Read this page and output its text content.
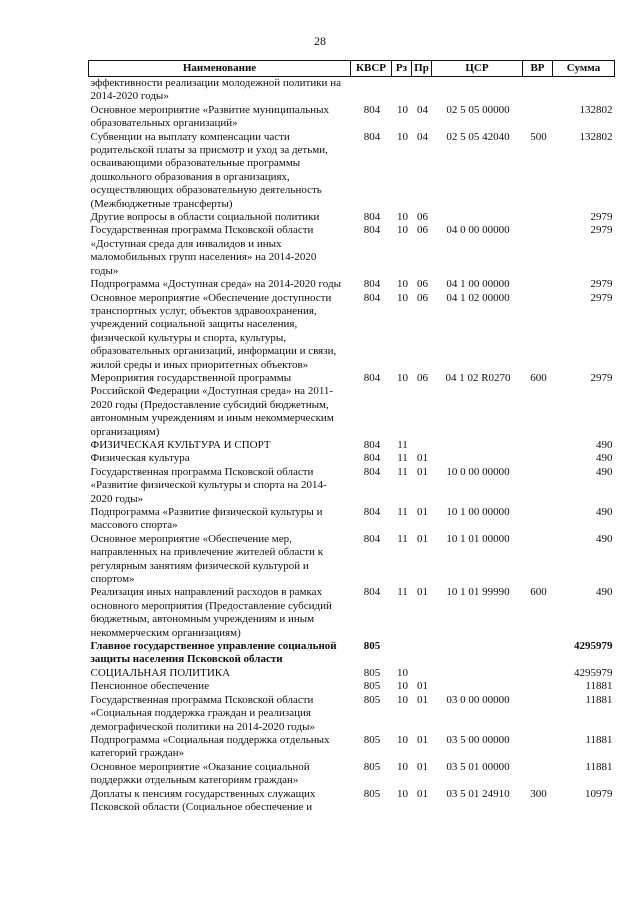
28
Наименование	КВСР	Рз	Пр	ЦСР	ВР	Сумма
эффективности реализации молодежной политики на 2014-2020 годы»						
Основное мероприятие «Развитие муниципальных образовательных организаций»	804	10	04	02 5 05 00000		132802
Субвенции на выплату компенсации части родительской платы за присмотр и уход за детьми, осваивающими образовательные программы дошкольного образования в организациях, осуществляющих образовательную деятельность (Межбюджетные трансферты)	804	10	04	02 5 05 42040	500	132802
Другие вопросы в области социальной политики	804	10	06			2979
Государственная программа Псковской области «Доступная среда для инвалидов и иных маломобильных групп населения» на 2014-2020 годы»	804	10	06	04 0 00 00000		2979
Подпрограмма «Доступная среда» на 2014-2020 годы	804	10	06	04 1 00 00000		2979
Основное мероприятие «Обеспечение доступности транспортных услуг, объектов здравоохранения, учреждений социальной защиты населения, физической культуры и спорта, культуры, образовательных организаций, информации и связи, жилой среды и иных приоритетных объектов»	804	10	06	04 1 02 00000		2979
Мероприятия государственной программы Российской Федерации «Доступная среда» на 2011-2020 годы (Предоставление субсидий бюджетным, автономным учреждениям и иным некоммерческим организациям)	804	10	06	04 1 02 R0270	600	2979
ФИЗИЧЕСКАЯ КУЛЬТУРА И СПОРТ	804	11				490
Физическая культура	804	11	01			490
Государственная программа Псковской области «Развитие физической культуры и спорта на 2014-2020 годы»	804	11	01	10 0 00 00000		490
Подпрограмма «Развитие физической культуры и массового спорта»	804	11	01	10 1 00 00000		490
Основное мероприятие «Обеспечение мер, направленных на привлечение жителей области к регулярным занятиям физической культурой и спортом»	804	11	01	10 1 01 00000		490
Реализация иных направлений расходов в рамках основного мероприятия (Предоставление субсидий бюджетным, автономным учреждениям и иным некоммерческим организациям)	804	11	01	10 1 01 99990	600	490
Главное государственное управление социальной защиты населения Псковской области	805					4295979
СОЦИАЛЬНАЯ ПОЛИТИКА	805	10				4295979
Пенсионное обеспечение	805	10	01			11881
Государственная программа Псковской области «Социальная поддержка граждан и реализация демографической политики на 2014-2020 годы»	805	10	01	03 0 00 00000		11881
Подпрограмма «Социальная поддержка отдельных категорий граждан»	805	10	01	03 5 00 00000		11881
Основное мероприятие «Оказание социальной поддержки отдельным категориям граждан»	805	10	01	03 5 01 00000		11881
Доплаты к пенсиям государственных служащих Псковской области (Социальное обеспечение и	805	10	01	03 5 01 24910	300	10979
